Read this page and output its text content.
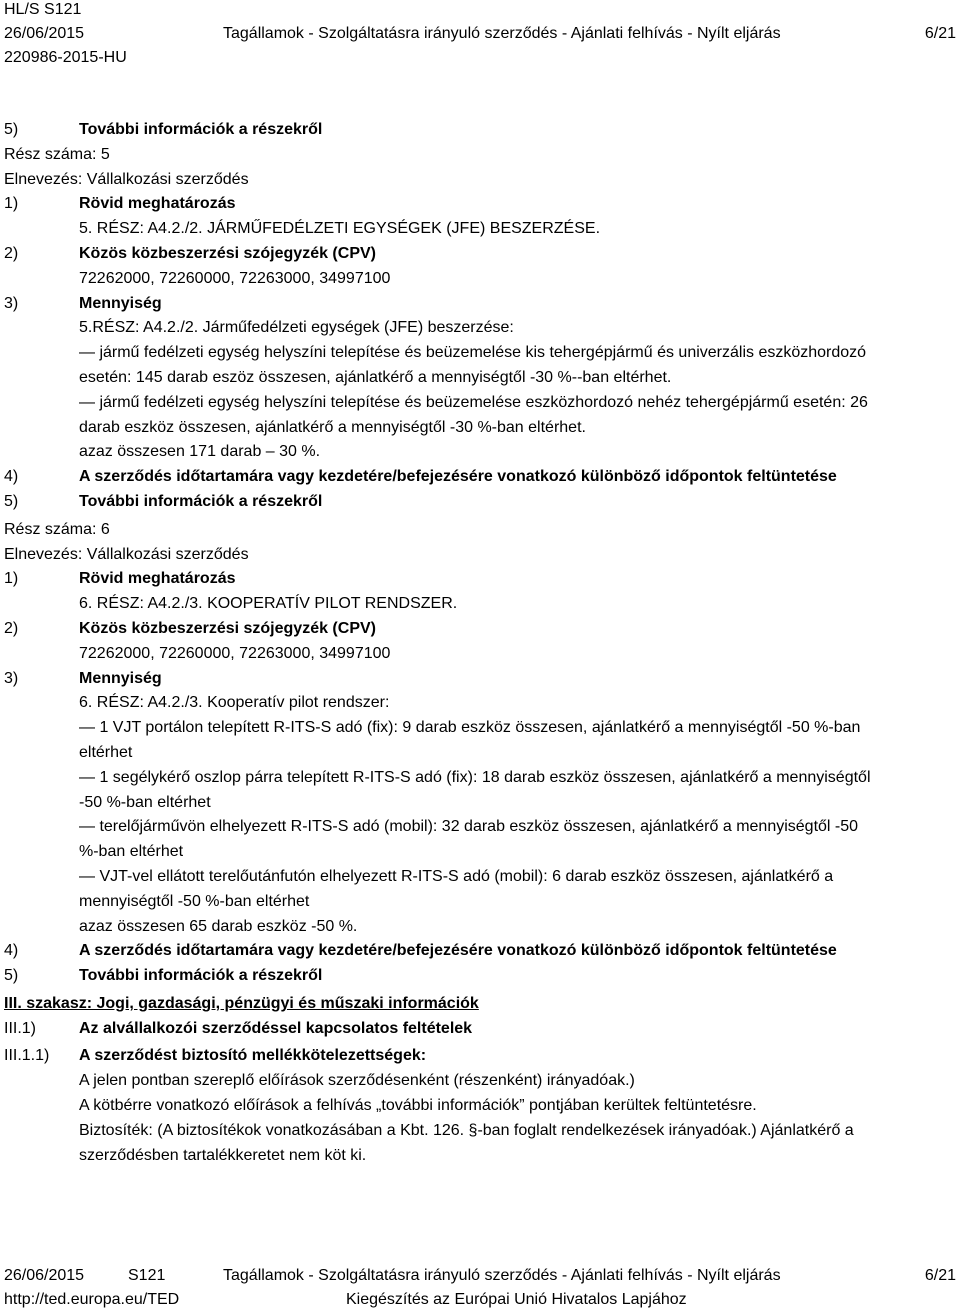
HL/S S121
26/06/2015	Tagállamok - Szolgáltatásra irányuló szerződés - Ajánlati felhívás - Nyílt eljárás	6/21
220986-2015-HU
5)	További információk a részekről
Rész száma: 5
Elnevezés: Vállalkozási szerződés
1)	Rövid meghatározás
5. RÉSZ: A4.2./2. JÁRMŰFEDÉLZETI EGYSÉGEK (JFE) BESZERZÉSE.
2)	Közös közbeszerzési szójegyzék (CPV)
72262000, 72260000, 72263000, 34997100
3)	Mennyiség
5.RÉSZ: A4.2./2. Járműfedélzeti egységek (JFE) beszerzése:
— jármű fedélzeti egység helyszíni telepítése és beüzemelése kis tehergépjármű és univerzális eszközhordozó
esetén: 145 darab eszöz összesen, ajánlatkérő a mennyiségtől -30 %--ban eltérhet.
— jármű fedélzeti egység helyszíni telepítése és beüzemelése eszközhordozó nehéz tehergépjármű esetén: 26
darab eszköz összesen, ajánlatkérő a mennyiségtől -30 %-ban eltérhet.
azaz összesen 171 darab – 30 %.
4)	A szerződés időtartamára vagy kezdetére/befejezésére vonatkozó különböző időpontok feltüntetése
5)	További információk a részekről
Rész száma: 6
Elnevezés: Vállalkozási szerződés
1)	Rövid meghatározás
6. RÉSZ: A4.2./3. KOOPERATÍV PILOT RENDSZER.
2)	Közös közbeszerzési szójegyzék (CPV)
72262000, 72260000, 72263000, 34997100
3)	Mennyiség
6. RÉSZ: A4.2./3. Kooperatív pilot rendszer:
— 1 VJT portálon telepített R-ITS-S adó (fix): 9 darab eszköz összesen, ajánlatkérő a mennyiségtől -50 %-ban
eltérhet
— 1 segélykérő oszlop párra telepített R-ITS-S adó (fix): 18 darab eszköz összesen, ajánlatkérő a mennyiségtől
-50 %-ban eltérhet
— terelőjárművön elhelyezett R-ITS-S adó (mobil): 32 darab eszköz összesen, ajánlatkérő a mennyiségtől -50
%-ban eltérhet
— VJT-vel ellátott terelőutánfutón elhelyezett R-ITS-S adó (mobil): 6 darab eszköz összesen, ajánlatkérő a
mennyiségtől -50 %-ban eltérhet
azaz összesen 65 darab eszköz -50 %.
4)	A szerződés időtartamára vagy kezdetére/befejezésére vonatkozó különböző időpontok feltüntetése
5)	További információk a részekről
III. szakasz: Jogi, gazdasági, pénzügyi és műszaki információk
III.1)	Az alvállalkozói szerződéssel kapcsolatos feltételek
III.1.1)	A szerződést biztosító mellékkötelezettségek:
A jelen pontban szereplő előírások szerződésenként (részenként) irányadóak.)
A kötbérre vonatkozó előírások a felhívás „további információk” pontjában kerültek feltüntetésre.
Biztosíték: (A biztosítékok vonatkozásában a Kbt. 126. §-ban foglalt rendelkezések irányadóak.) Ajánlatkérő a
szerződésben tartalékkeretet nem köt ki.
26/06/2015	S121	Tagállamok - Szolgáltatásra irányuló szerződés - Ajánlati felhívás - Nyílt eljárás	6/21
http://ted.europa.eu/TED	Kiegészítés az Európai Unió Hivatalos Lapjához
